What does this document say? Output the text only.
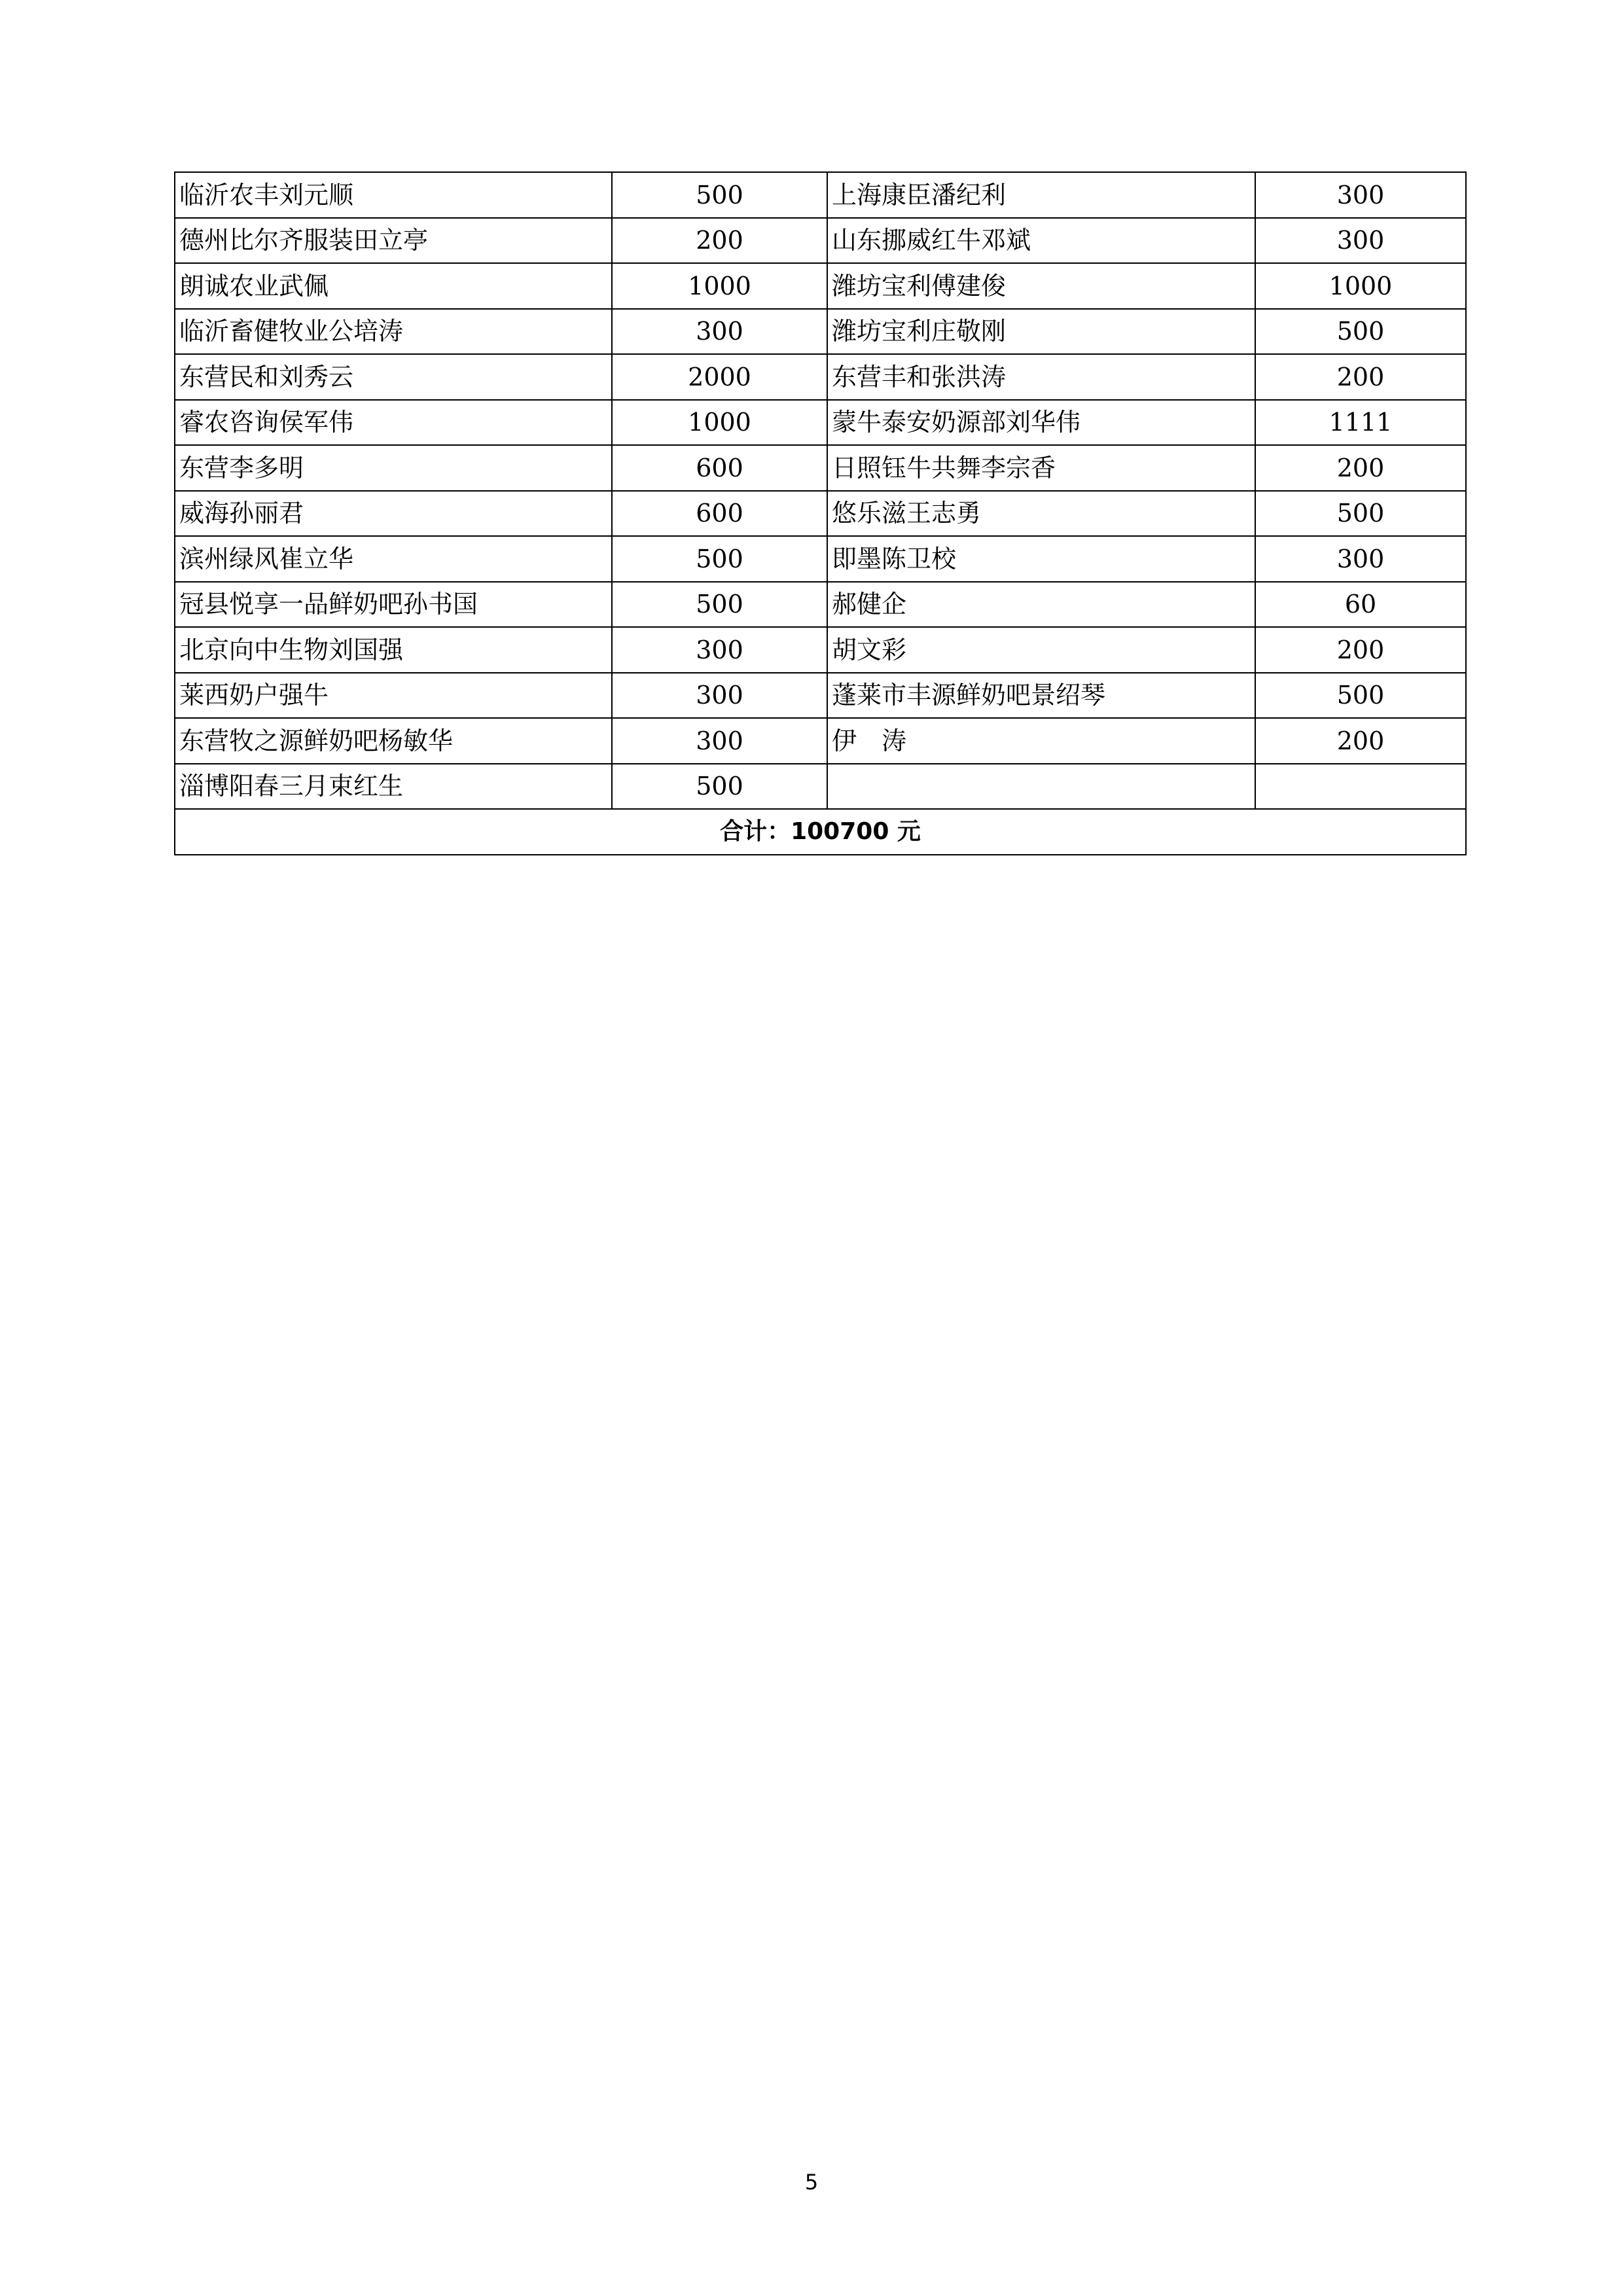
临沂农丰刘元顺	500	上海康臣潘纪利	300
德州比尔齐服装田立亭	200	山东挪威红牛邓斌	300
朗诚农业武佩	1000	潍坊宝利傅建俊	1000
临沂畜健牧业公培涛	300	潍坊宝利庄敬刚	500
东营民和刘秀云	2000	东营丰和张洪涛	200
睿农咨询侯军伟	1000	蒙牛泰安奶源部刘华伟	1111
东营李多明	600	日照钰牛共舞李宗香	200
威海孙丽君	600	悠乐滋王志勇	500
滨州绿风崔立华	500	即墨陈卫校	300
冠县悦享一品鲜奶吧孙书国	500	郝健企	60
北京向中生物刘国强	300	胡文彩	200
莱西奶户强牛	300	蓬莱市丰源鲜奶吧景绍琴	500
东营牧之源鲜奶吧杨敏华	300	伊　涛	200
淄博阳春三月束红生	500		
合计：100700 元			
5
